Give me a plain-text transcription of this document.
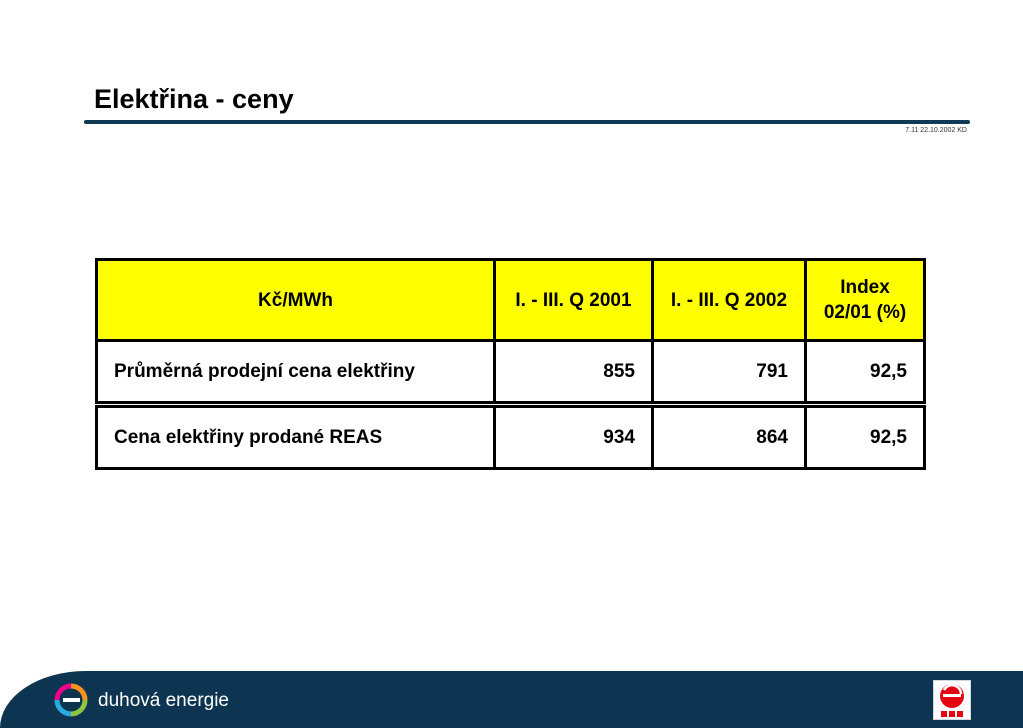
Elektřina - ceny
7.11 22.10.2002 KD
Kč/MWh	I. - III. Q 2001	I. - III. Q 2002	Index
02/01 (%)
Průměrná prodejní cena elektřiny	855	791	92,5
Cena elektřiny prodané REAS	934	864	92,5
duhová energie
